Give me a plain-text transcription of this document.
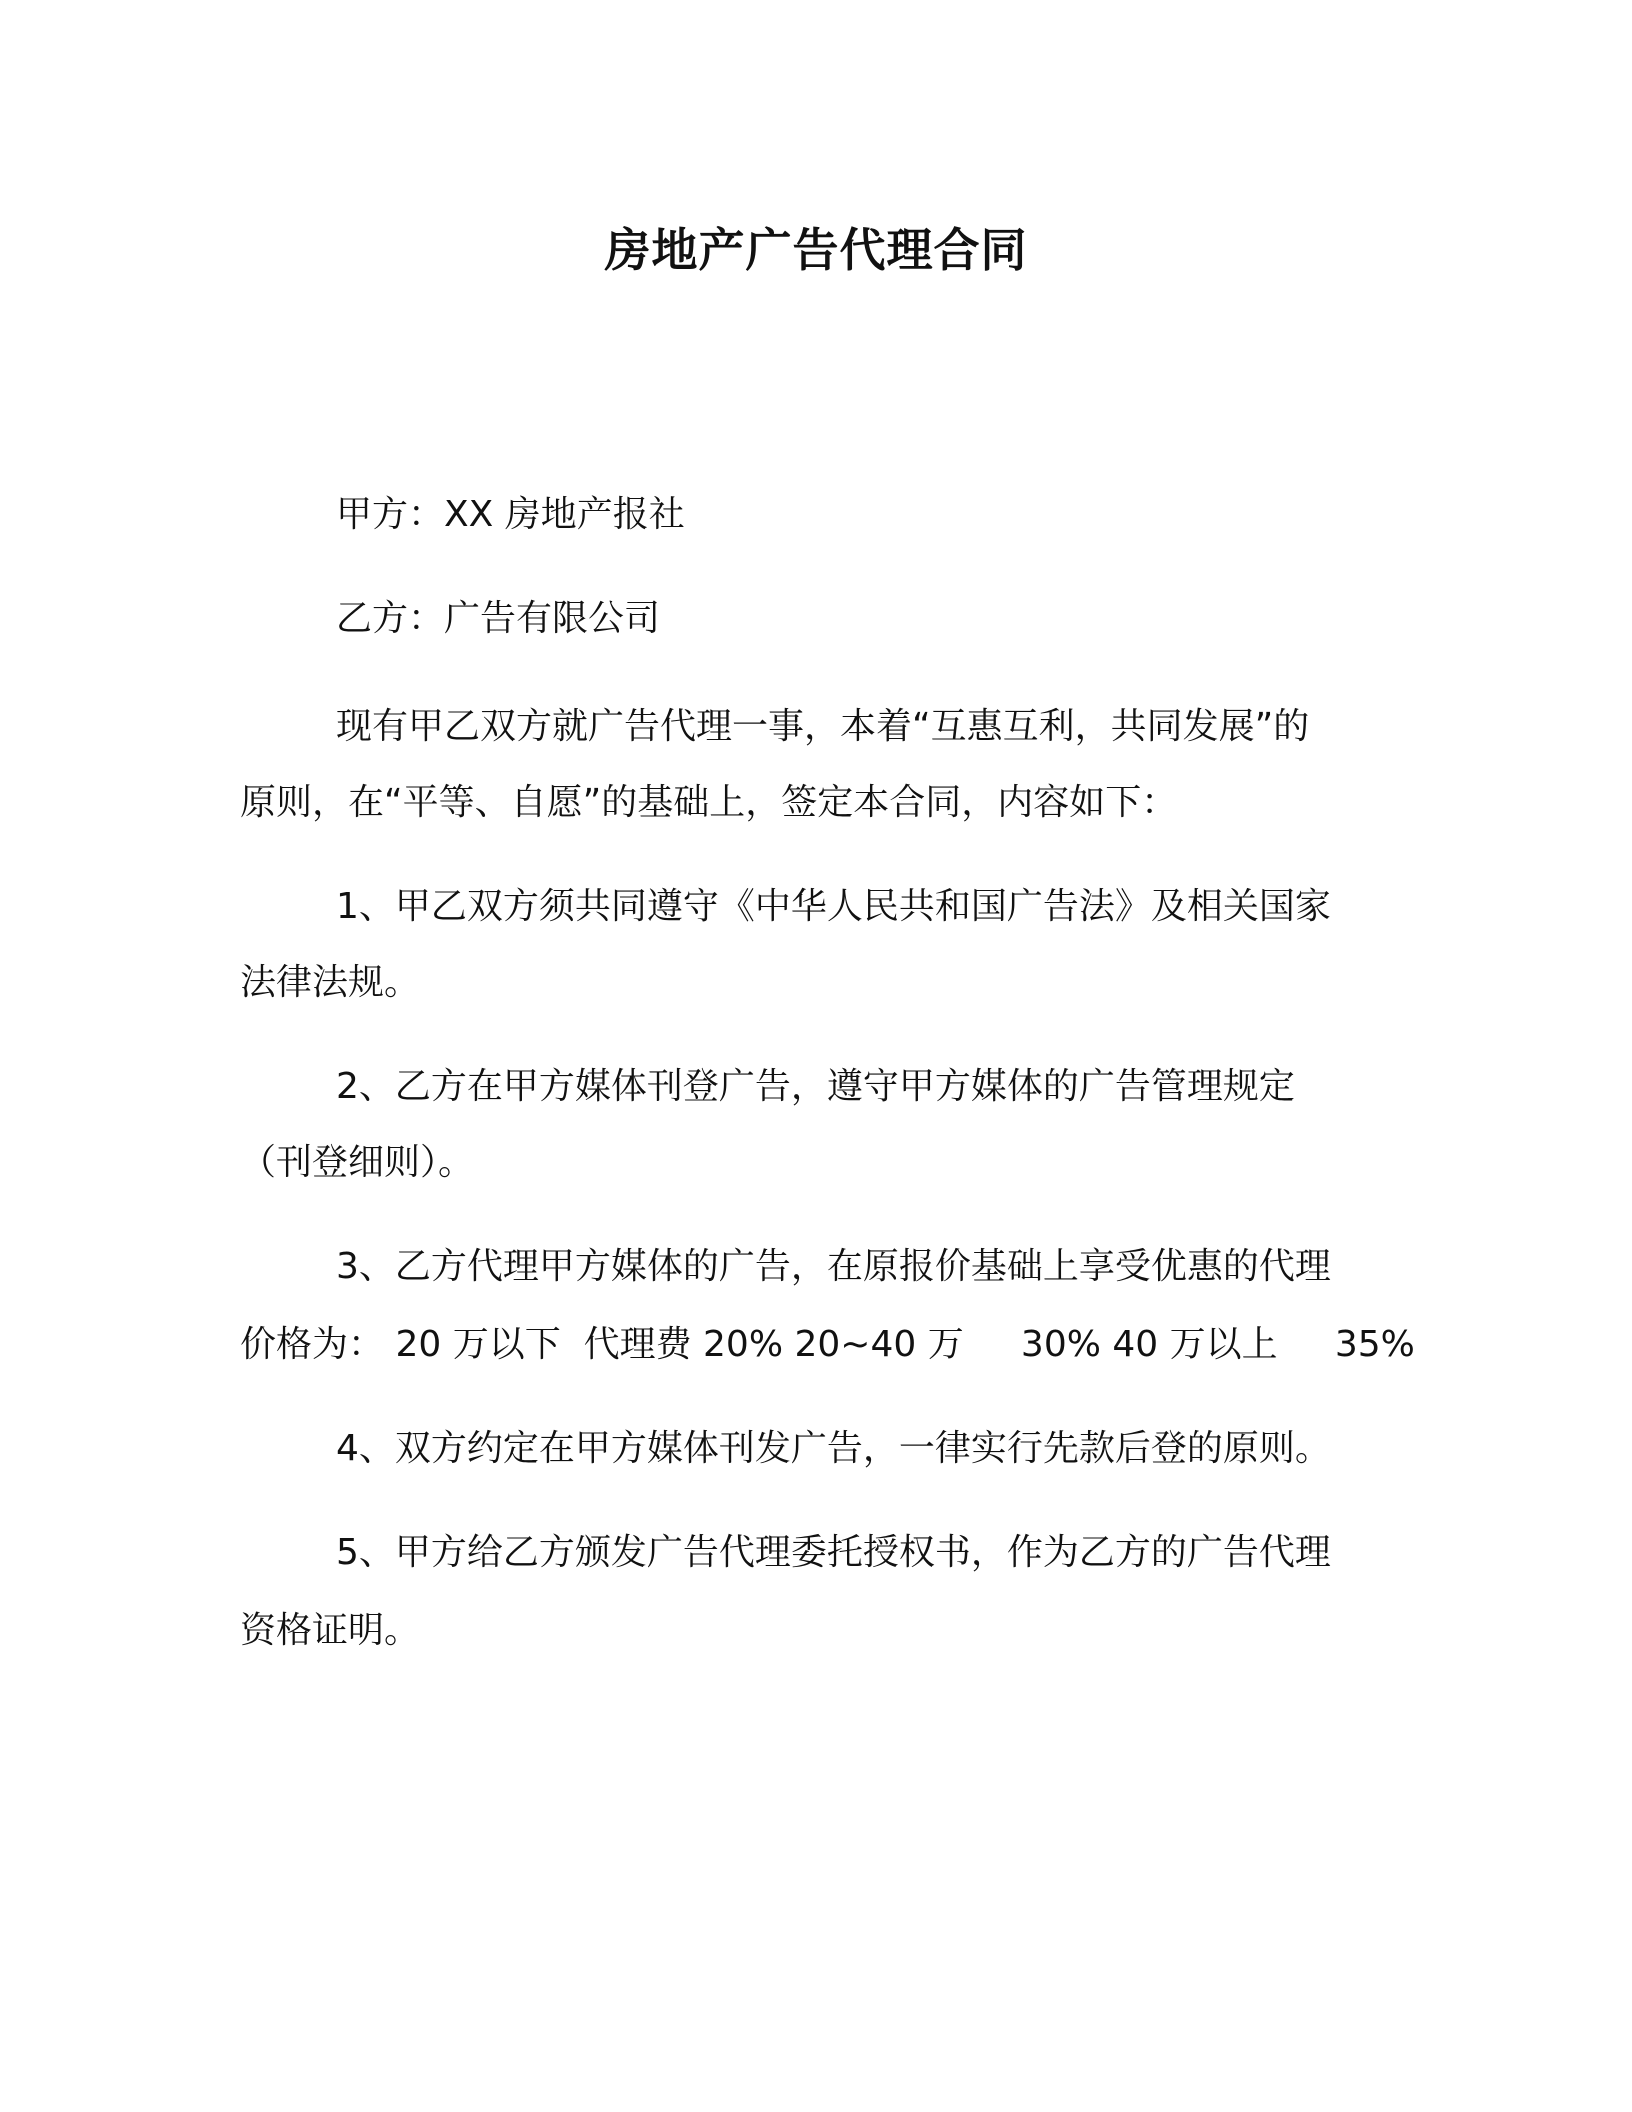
房地产广告代理合同
甲方：XX 房地产报社
乙方：广告有限公司
现有甲乙双方就广告代理一事，本着“互惠互利，共同发展”的
原则，在“平等、自愿”的基础上，签定本合同，内容如下：
1、甲乙双方须共同遵守《中华人民共和国广告法》及相关国家
法律法规。
2、乙方在甲方媒体刊登广告，遵守甲方媒体的广告管理规定
（刊登细则）。
3、乙方代理甲方媒体的广告，在原报价基础上享受优惠的代理
价格为： 20 万以下  代理费 20% 20~40 万     30% 40 万以上     35%
4、双方约定在甲方媒体刊发广告，一律实行先款后登的原则。
5、甲方给乙方颁发广告代理委托授权书，作为乙方的广告代理
资格证明。
